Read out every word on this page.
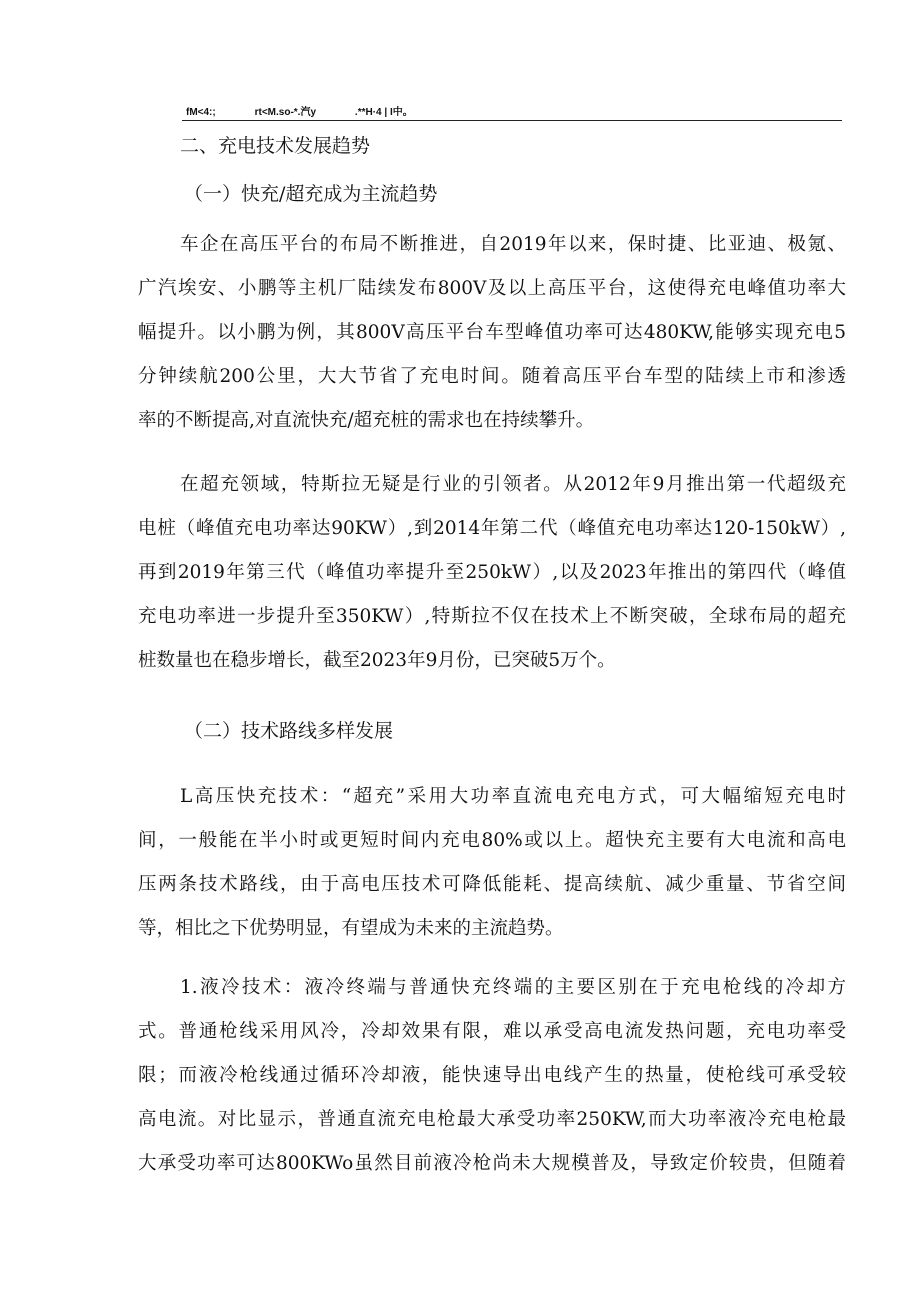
fM<4:;              rt<M.so-*.汽y              .**H·4 | I中。
二、充电技术发展趋势
（一）快充/超充成为主流趋势
车企在高压平台的布局不断推进，自2019年以来，保时捷、比亚迪、极氪、
广汽埃安、小鹏等主机厂陆续发布800V及以上高压平台，这使得充电峰值功率大
幅提升。以小鹏为例，其800V高压平台车型峰值功率可达480KW,能够实现充电5
分钟续航200公里，大大节省了充电时间。随着高压平台车型的陆续上市和渗透
率的不断提高,对直流快充/超充桩的需求也在持续攀升。
在超充领域，特斯拉无疑是行业的引领者。从2012年9月推出第一代超级充
电桩（峰值充电功率达90KW）,到2014年第二代（峰值充电功率达120-150kW）,
再到2019年第三代（峰值功率提升至250kW）,以及2023年推出的第四代（峰值
充电功率进一步提升至350KW）,特斯拉不仅在技术上不断突破，全球布局的超充
桩数量也在稳步增长，截至2023年9月份，已突破5万个。
（二）技术路线多样发展
L高压快充技术：“超充”采用大功率直流电充电方式，可大幅缩短充电时
间，一般能在半小时或更短时间内充电80%或以上。超快充主要有大电流和高电
压两条技术路线，由于高电压技术可降低能耗、提高续航、减少重量、节省空间
等，相比之下优势明显，有望成为未来的主流趋势。
1.液冷技术：液冷终端与普通快充终端的主要区别在于充电枪线的冷却方
式。普通枪线采用风冷，冷却效果有限，难以承受高电流发热问题，充电功率受
限；而液冷枪线通过循环冷却液，能快速导出电线产生的热量，使枪线可承受较
高电流。对比显示，普通直流充电枪最大承受功率250KW,而大功率液冷充电枪最
大承受功率可达800KWo虽然目前液冷枪尚未大规模普及，导致定价较贵，但随着
